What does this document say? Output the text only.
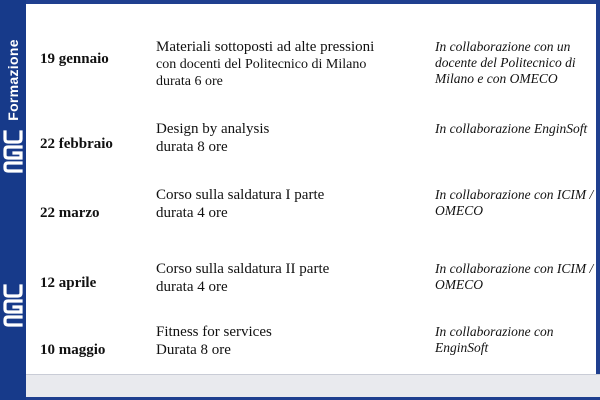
Formazione 19 gennaio
Materiali sottoposti ad alte pressioni
con docenti del Politecnico di Milano
durata 6 ore
In collaborazione con un docente del Politecnico di Milano e con OMECO
22 febbraio
Design by analysis
durata 8 ore
In collaborazione EnginSoft
22 marzo
Corso sulla saldatura I parte
durata 4 ore
In collaborazione con ICIM / OMECO
12 aprile
Corso sulla saldatura II parte
durata 4 ore
In collaborazione con ICIM / OMECO
10 maggio
Fitness for services
Durata 8 ore
In collaborazione con EnginSoft
